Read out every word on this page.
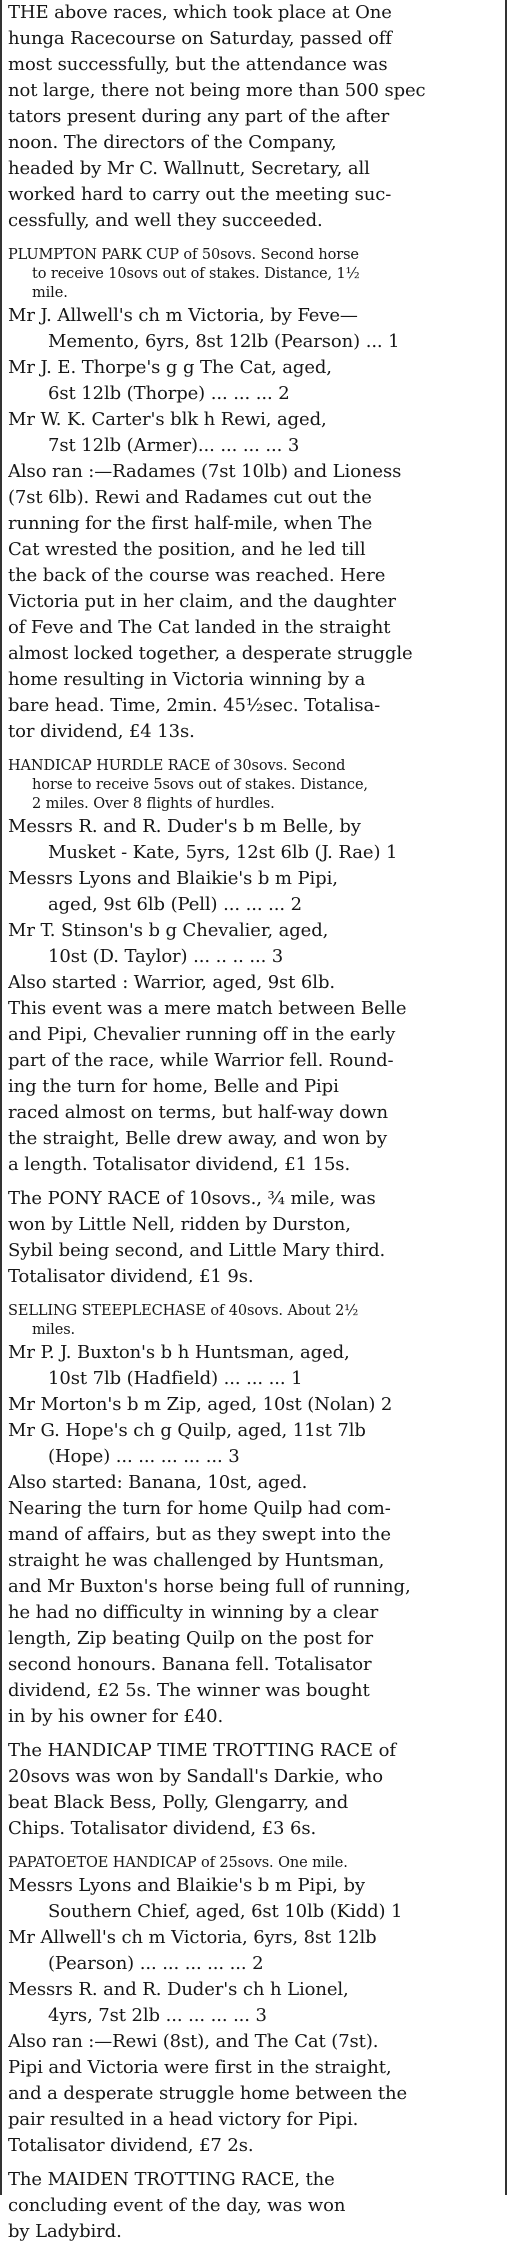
THE above races, which took place at One
hunga Racecourse on Saturday, passed off
most successfully, but the attendance was
not large, there not being more than 500 spec
tators present during any part of the after
noon. The directors of the Company,
headed by Mr C. Wallnutt, Secretary, all
worked hard to carry out the meeting suc-
cessfully, and well they succeeded.
PLUMPTON PARK CUP of 50sovs. Second horse
to receive 10sovs out of stakes. Distance, 1½
mile.
Mr J. Allwell's ch m Victoria, by Feve—
Memento, 6yrs, 8st 12lb (Pearson) ... 1
Mr J. E. Thorpe's g g The Cat, aged,
6st 12lb (Thorpe) ... ... ... 2
Mr W. K. Carter's blk h Rewi, aged,
7st 12lb (Armer)... ... ... ... 3
Also ran :—Radames (7st 10lb) and Lioness
(7st 6lb). Rewi and Radames cut out the
running for the first half-mile, when The
Cat wrested the position, and he led till
the back of the course was reached. Here
Victoria put in her claim, and the daughter
of Feve and The Cat landed in the straight
almost locked together, a desperate struggle
home resulting in Victoria winning by a
bare head. Time, 2min. 45½sec. Totalisa-
tor dividend, £4 13s.
HANDICAP HURDLE RACE of 30sovs. Second
horse to receive 5sovs out of stakes. Distance,
2 miles. Over 8 flights of hurdles.
Messrs R. and R. Duder's b m Belle, by
Musket - Kate, 5yrs, 12st 6lb (J. Rae) 1
Messrs Lyons and Blaikie's b m Pipi,
aged, 9st 6lb (Pell) ... ... ... 2
Mr T. Stinson's b g Chevalier, aged,
10st (D. Taylor) ... .. .. ... 3
Also started : Warrior, aged, 9st 6lb.
This event was a mere match between Belle
and Pipi, Chevalier running off in the early
part of the race, while Warrior fell. Round-
ing the turn for home, Belle and Pipi
raced almost on terms, but half-way down
the straight, Belle drew away, and won by
a length. Totalisator dividend, £1 15s.
The PONY RACE of 10sovs., ¾ mile, was
won by Little Nell, ridden by Durston,
Sybil being second, and Little Mary third.
Totalisator dividend, £1 9s.
SELLING STEEPLECHASE of 40sovs. About 2½
miles.
Mr P. J. Buxton's b h Huntsman, aged,
10st 7lb (Hadfield) ... ... ... 1
Mr Morton's b m Zip, aged, 10st (Nolan) 2
Mr G. Hope's ch g Quilp, aged, 11st 7lb
(Hope) ... ... ... ... ... 3
Also started: Banana, 10st, aged.
Nearing the turn for home Quilp had com-
mand of affairs, but as they swept into the
straight he was challenged by Huntsman,
and Mr Buxton's horse being full of running,
he had no difficulty in winning by a clear
length, Zip beating Quilp on the post for
second honours. Banana fell. Totalisator
dividend, £2 5s. The winner was bought
in by his owner for £40.
The HANDICAP TIME TROTTING RACE of
20sovs was won by Sandall's Darkie, who
beat Black Bess, Polly, Glengarry, and
Chips. Totalisator dividend, £3 6s.
PAPATOETOE HANDICAP of 25sovs. One mile.
Messrs Lyons and Blaikie's b m Pipi, by
Southern Chief, aged, 6st 10lb (Kidd) 1
Mr Allwell's ch m Victoria, 6yrs, 8st 12lb
(Pearson) ... ... ... ... ... 2
Messrs R. and R. Duder's ch h Lionel,
4yrs, 7st 2lb ... ... ... ... 3
Also ran :—Rewi (8st), and The Cat (7st).
Pipi and Victoria were first in the straight,
and a desperate struggle home between the
pair resulted in a head victory for Pipi.
Totalisator dividend, £7 2s.
The MAIDEN TROTTING RACE, the
concluding event of the day, was won
by Ladybird.
